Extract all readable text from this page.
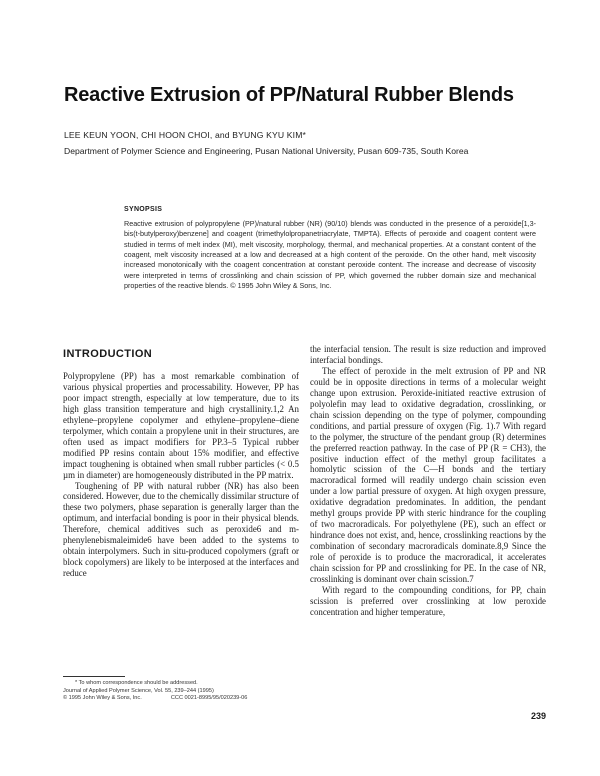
Reactive Extrusion of PP/Natural Rubber Blends
LEE KEUN YOON, CHI HOON CHOI, and BYUNG KYU KIM*
Department of Polymer Science and Engineering, Pusan National University, Pusan 609-735, South Korea
SYNOPSIS
Reactive extrusion of polypropylene (PP)/natural rubber (NR) (90/10) blends was conducted in the presence of a peroxide[1,3-bis(t-butylperoxy)benzene] and coagent (trimethylolpropanetriacrylate, TMPTA). Effects of peroxide and coagent content were studied in terms of melt index (MI), melt viscosity, morphology, thermal, and mechanical properties. At a constant content of the coagent, melt viscosity increased at a low and decreased at a high content of the peroxide. On the other hand, melt viscosity increased monotonically with the coagent concentration at constant peroxide content. The increase and decrease of viscosity were interpreted in terms of crosslinking and chain scission of PP, which governed the rubber domain size and mechanical properties of the reactive blends. © 1995 John Wiley & Sons, Inc.
INTRODUCTION

Polypropylene (PP) has a most remarkable combination of various physical properties and processability. However, PP has poor impact strength, especially at low temperature, due to its high glass transition temperature and high crystallinity.1,2 An ethylene–propylene copolymer and ethylene–propylene–diene terpolymer, which contain a propylene unit in their structures, are often used as impact modifiers for PP.3–5 Typical rubber modified PP resins contain about 15% modifier, and effective impact toughening is obtained when small rubber particles (< 0.5 µm in diameter) are homogeneously distributed in the PP matrix.

Toughening of PP with natural rubber (NR) has also been considered. However, due to the chemically dissimilar structure of these two polymers, phase separation is generally larger than the optimum, and interfacial bonding is poor in their physical blends. Therefore, chemical additives such as peroxide6 and m-phenylenebismaleimide6 have been added to the systems to obtain interpolymers. Such in situ-produced copolymers (graft or block copolymers) are likely to be interposed at the interfaces and reduce

the interfacial tension. The result is size reduction and improved interfacial bondings.

The effect of peroxide in the melt extrusion of PP and NR could be in opposite directions in terms of a molecular weight change upon extrusion. Peroxide-initiated reactive extrusion of polyolefin may lead to oxidative degradation, crosslinking, or chain scission depending on the type of polymer, compounding conditions, and partial pressure of oxygen (Fig. 1).7 With regard to the polymer, the structure of the pendant group (R) determines the preferred reaction pathway. In the case of PP (R = CH3), the positive induction effect of the methyl group facilitates a homolytic scission of the C—H bonds and the tertiary macroradical formed will readily undergo chain scission even under a low partial pressure of oxygen. At high oxygen pressure, oxidative degradation predominates. In addition, the pendant methyl groups provide PP with steric hindrance for the coupling of two macroradicals. For polyethylene (PE), such an effect or hindrance does not exist, and, hence, crosslinking reactions by the combination of secondary macroradicals dominate.8,9 Since the role of peroxide is to produce the macroradical, it accelerates chain scission for PP and crosslinking for PE. In the case of NR, crosslinking is dominant over chain scission.7

With regard to the compounding conditions, for PP, chain scission is preferred over crosslinking at low peroxide concentration and higher temperature,

* To whom correspondence should be addressed.
Journal of Applied Polymer Science, Vol. 55, 239–244 (1995)
© 1995 John Wiley & Sons, Inc.	CCC 0021-8995/95/020239-06
239
